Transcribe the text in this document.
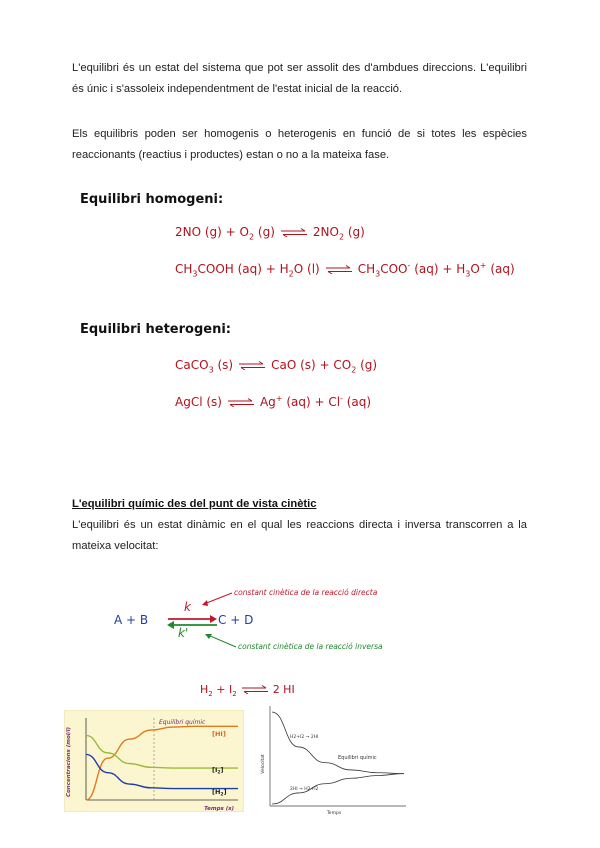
L'equilibri és un estat del sistema que pot ser assolit des d'ambdues direccions. L'equilibri és únic i s'assoleix independentment de l'estat inicial de la reacció.

Els equilibris poden ser homogenis o heterogenis en funció de si totes les espècies reaccionants (reactius i productes) estan o no a la mateixa fase.

Equilibri homogeni:
2NO $(g) + O_2$ (g) ⇌ $2NO_2$ (g)
$CH_3COOH$ $(aq) + H_2O$ (l) ⇌ $CH_3COO^-$ $(aq) + H_3O^+$ (aq)
Equilibri heterogeni:
CaCO$_3$ (s) ⇌ CaO $(s) + CO_2$ (g)
AgCl (s) ⇌ Ag+ (aq) + Cl- (aq)
L'equilibri químic des del punt de vista cinètic

L'equilibri és un estat dinàmic en el qual les reaccions directa i inversa transcorren a la mateixa velocitat:

A + B	C + D
k
k'
constant cinètica de la reacció directa
constant cinètica de la reacció inversa
$H_2 + I_2$ ⇌ 2 HI
Concentracions (mol/l)
Temps (s)
Equilibri químic
[HI]
$[I_2]$
$[H_2]$
Velocitat
Temps
Equilibri químic
H2+I2 → 2HI
2HI → H2+I2
